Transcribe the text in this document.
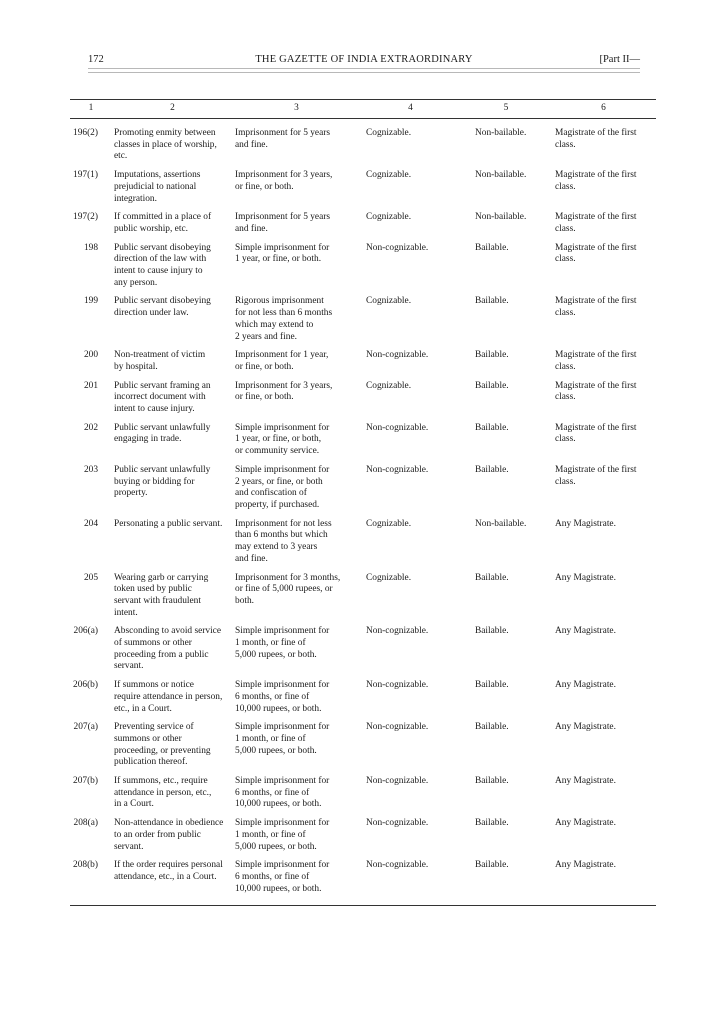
172	THE GAZETTE OF INDIA EXTRAORDINARY	[Part II—
1	2	3	4	5	6
196(2)	Promoting enmity between
classes in place of worship,
etc.	Imprisonment for 5 years
and fine.	Cognizable.	Non-bailable.	Magistrate of the first
class.

197(1)	Imputations, assertions
prejudicial to national
integration.	Imprisonment for 3 years,
or fine, or both.	Cognizable.	Non-bailable.	Magistrate of the first
class.

197(2)	If committed in a place of
public worship, etc.	Imprisonment for 5 years
and fine.	Cognizable.	Non-bailable.	Magistrate of the first
class.

198	Public servant disobeying
direction of the law with
intent to cause injury to
any person.	Simple imprisonment for
1 year, or fine, or both.	Non-cognizable.	Bailable.	Magistrate of the first
class.

199	Public servant disobeying
direction under law.	Rigorous imprisonment
for not less than 6 months
which may extend to
2 years and fine.	Cognizable.	Bailable.	Magistrate of the first
class.

200	Non-treatment of victim
by hospital.	Imprisonment for 1 year,
or fine, or both.	Non-cognizable.	Bailable.	Magistrate of the first
class.

201	Public servant framing an
incorrect document with
intent to cause injury.	Imprisonment for 3 years,
or fine, or both.	Cognizable.	Bailable.	Magistrate of the first
class.

202	Public servant unlawfully
engaging in trade.	Simple imprisonment for
1 year, or fine, or both,
or community service.	Non-cognizable.	Bailable.	Magistrate of the first
class.

203	Public servant unlawfully
buying or bidding for
property.	Simple imprisonment for
2 years, or fine, or both
and confiscation of
property, if purchased.	Non-cognizable.	Bailable.	Magistrate of the first
class.

204	Personating a public servant.	Imprisonment for not less
than 6 months but which
may extend to 3 years
and fine.	Cognizable.	Non-bailable.	Any Magistrate.

205	Wearing garb or carrying
token used by public
servant with fraudulent
intent.	Imprisonment for 3 months,
or fine of 5,000 rupees, or
both.	Cognizable.	Bailable.	Any Magistrate.

206(a)	Absconding to avoid service
of summons or other
proceeding from a public
servant.	Simple imprisonment for
1 month, or fine of
5,000 rupees, or both.	Non-cognizable.	Bailable.	Any Magistrate.

206(b)	If summons or notice
require attendance in person,
etc., in a Court.	Simple imprisonment for
6 months, or fine of
10,000 rupees, or both.	Non-cognizable.	Bailable.	Any Magistrate.

207(a)	Preventing service of
summons or other
proceeding, or preventing
publication thereof.	Simple imprisonment for
1 month, or fine of
5,000 rupees, or both.	Non-cognizable.	Bailable.	Any Magistrate.

207(b)	If summons, etc., require
attendance in person, etc.,
in a Court.	Simple imprisonment for
6 months, or fine of
10,000 rupees, or both.	Non-cognizable.	Bailable.	Any Magistrate.

208(a)	Non-attendance in obedience
to an order from public
servant.	Simple imprisonment for
1 month, or fine of
5,000 rupees, or both.	Non-cognizable.	Bailable.	Any Magistrate.

208(b)	If the order requires personal
attendance, etc., in a Court.	Simple imprisonment for
6 months, or fine of
10,000 rupees, or both.	Non-cognizable.	Bailable.	Any Magistrate.
